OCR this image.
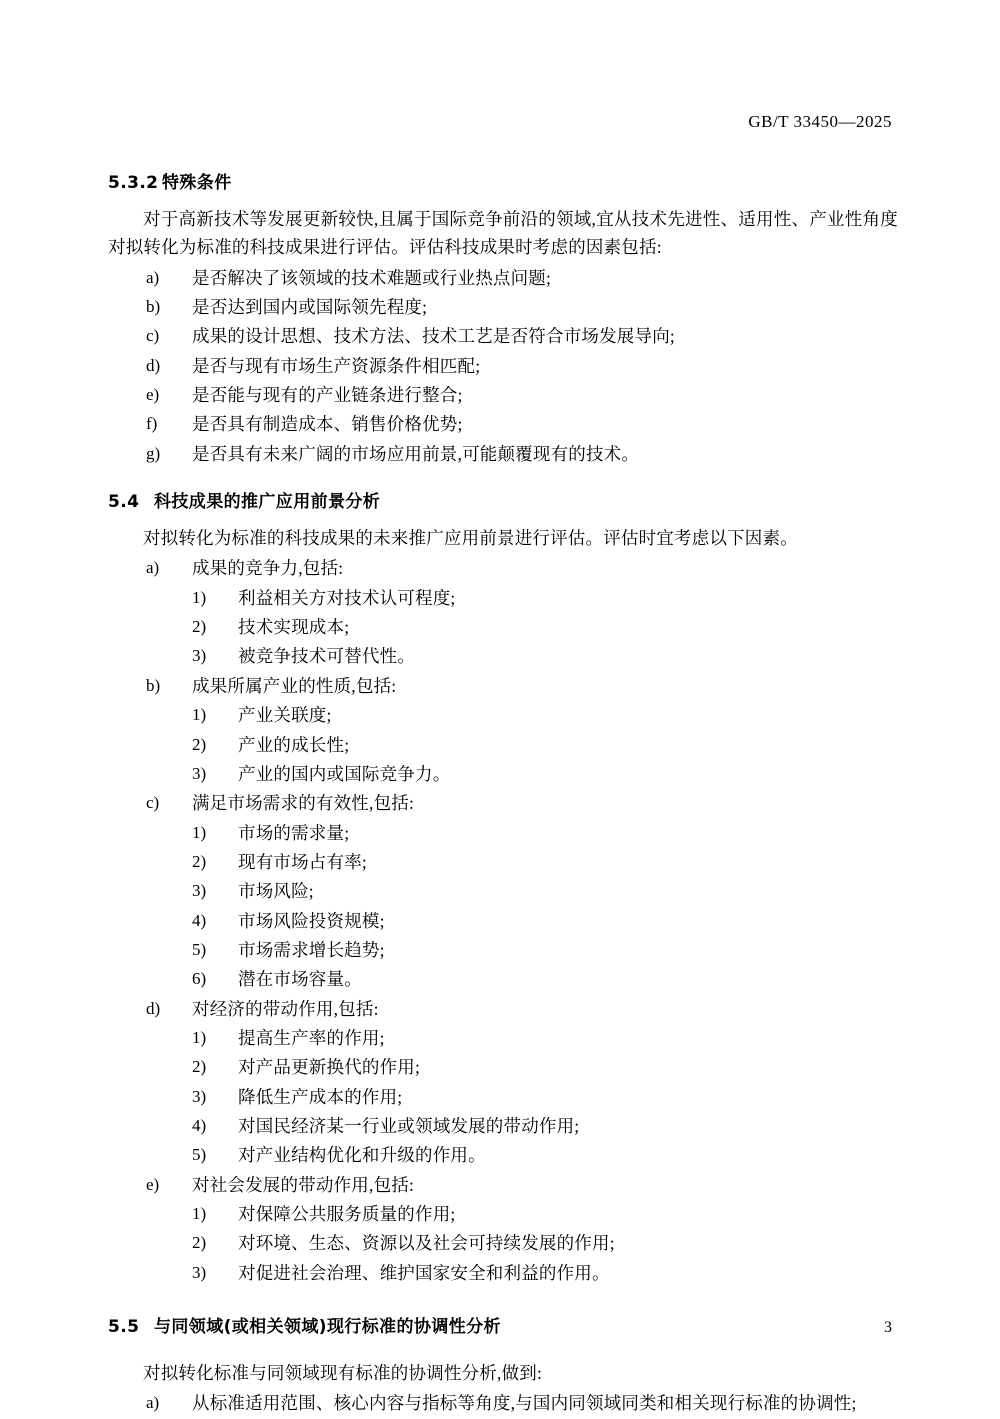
GB/T 33450—2025
5.3.2 特殊条件

对于高新技术等发展更新较快,且属于国际竞争前沿的领域,宜从技术先进性、适用性、产业性角度对拟转化为标准的科技成果进行评估。评估科技成果时考虑的因素包括:

a)	是否解决了该领域的技术难题或行业热点问题;
b)	是否达到国内或国际领先程度;
c)	成果的设计思想、技术方法、技术工艺是否符合市场发展导向;
d)	是否与现有市场生产资源条件相匹配;
e)	是否能与现有的产业链条进行整合;
f)	是否具有制造成本、销售价格优势;
g)	是否具有未来广阔的市场应用前景,可能颠覆现有的技术。
5.4 科技成果的推广应用前景分析

对拟转化为标准的科技成果的未来推广应用前景进行评估。评估时宜考虑以下因素。

a)	成果的竞争力,包括:
1)	利益相关方对技术认可程度;
2)	技术实现成本;
3)	被竞争技术可替代性。
b)	成果所属产业的性质,包括:
1)	产业关联度;
2)	产业的成长性;
3)	产业的国内或国际竞争力。
c)	满足市场需求的有效性,包括:
1)	市场的需求量;
2)	现有市场占有率;
3)	市场风险;
4)	市场风险投资规模;
5)	市场需求增长趋势;
6)	潜在市场容量。
d)	对经济的带动作用,包括:
1)	提高生产率的作用;
2)	对产品更新换代的作用;
3)	降低生产成本的作用;
4)	对国民经济某一行业或领域发展的带动作用;
5)	对产业结构优化和升级的作用。
e)	对社会发展的带动作用,包括:
1)	对保障公共服务质量的作用;
2)	对环境、生态、资源以及社会可持续发展的作用;
3)	对促进社会治理、维护国家安全和利益的作用。
5.5 与同领域(或相关领域)现行标准的协调性分析

对拟转化标准与同领域现有标准的协调性分析,做到:

a)	从标准适用范围、核心内容与指标等角度,与国内同领域同类和相关现行标准的协调性;
3
